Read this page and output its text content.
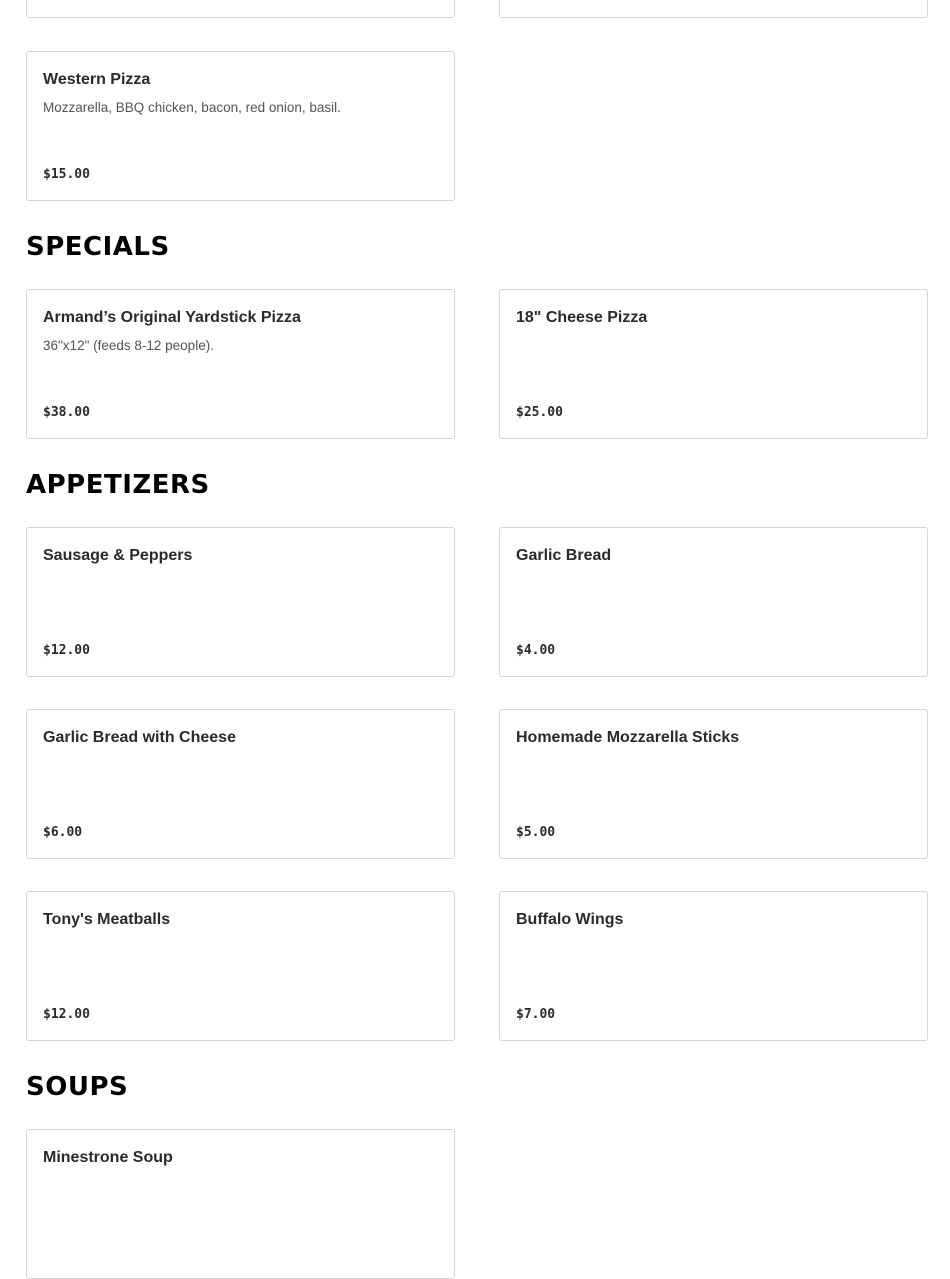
Western Pizza
Mozzarella, BBQ chicken, bacon, red onion, basil.
$15.00
SPECIALS
Armand’s Original Yardstick Pizza
36"x12" (feeds 8-12 people).
$38.00
18" Cheese Pizza
$25.00
APPETIZERS
Sausage & Peppers
$12.00
Garlic Bread
$4.00
Garlic Bread with Cheese
$6.00
Homemade Mozzarella Sticks
$5.00
Tony's Meatballs
$12.00
Buffalo Wings
$7.00
SOUPS
Minestrone Soup
